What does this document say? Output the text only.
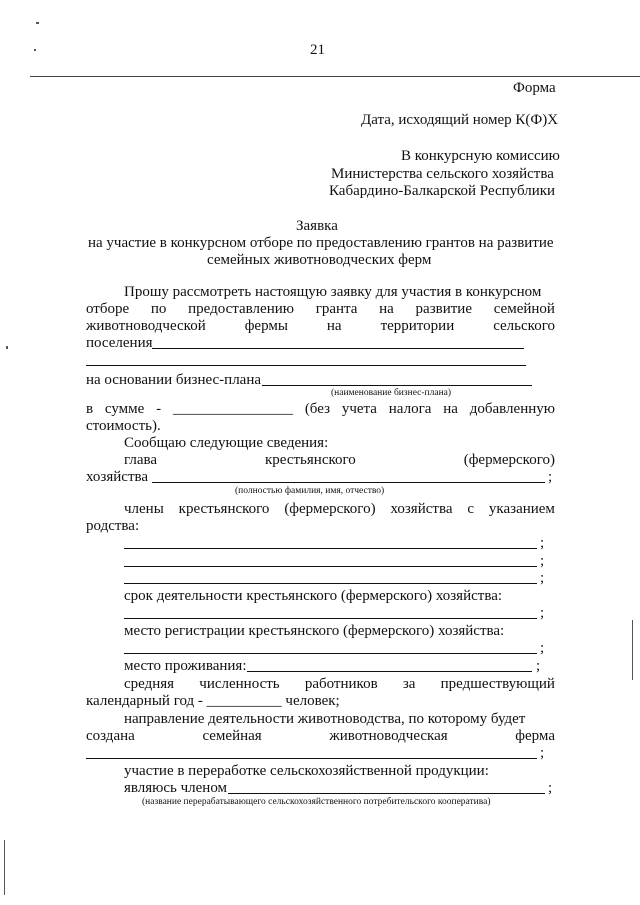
21
Форма
Дата, исходящий номер К(Ф)Х
В конкурсную комиссию
Министерства сельского хозяйства
Кабардино-Балкарской Республики
Заявка
на участие в конкурсном отборе по предоставлению грантов на развитие
семейных животноводческих ферм
Прошу рассмотреть настоящую заявку для участия в конкурсном
отборе по предоставлению гранта на развитие семейной
животноводческой	фермы	на	территории	сельского
поселения
на основании бизнес-плана
(наименование бизнес-плана)
в сумме - ________________ (без учета налога на добавленную
стоимость).
Сообщаю следующие сведения:
глава	крестьянского	(фермерского)
хозяйства	;
(полностью фамилия, имя, отчество)
члены крестьянского (фермерского) хозяйства с указанием
родства:
;
;
;
срок деятельности крестьянского (фермерского) хозяйства:
;
место регистрации крестьянского (фермерского) хозяйства:
;
место проживания:	;
средняя численность работников за предшествующий
календарный год - __________ человек;
направление деятельности животноводства, по которому будет
создана	семейная	животноводческая	ферма
;
участие в переработке сельскохозяйственной продукции:
являюсь членом	;
(название перерабатывающего сельскохозяйственного потребительского кооператива)
